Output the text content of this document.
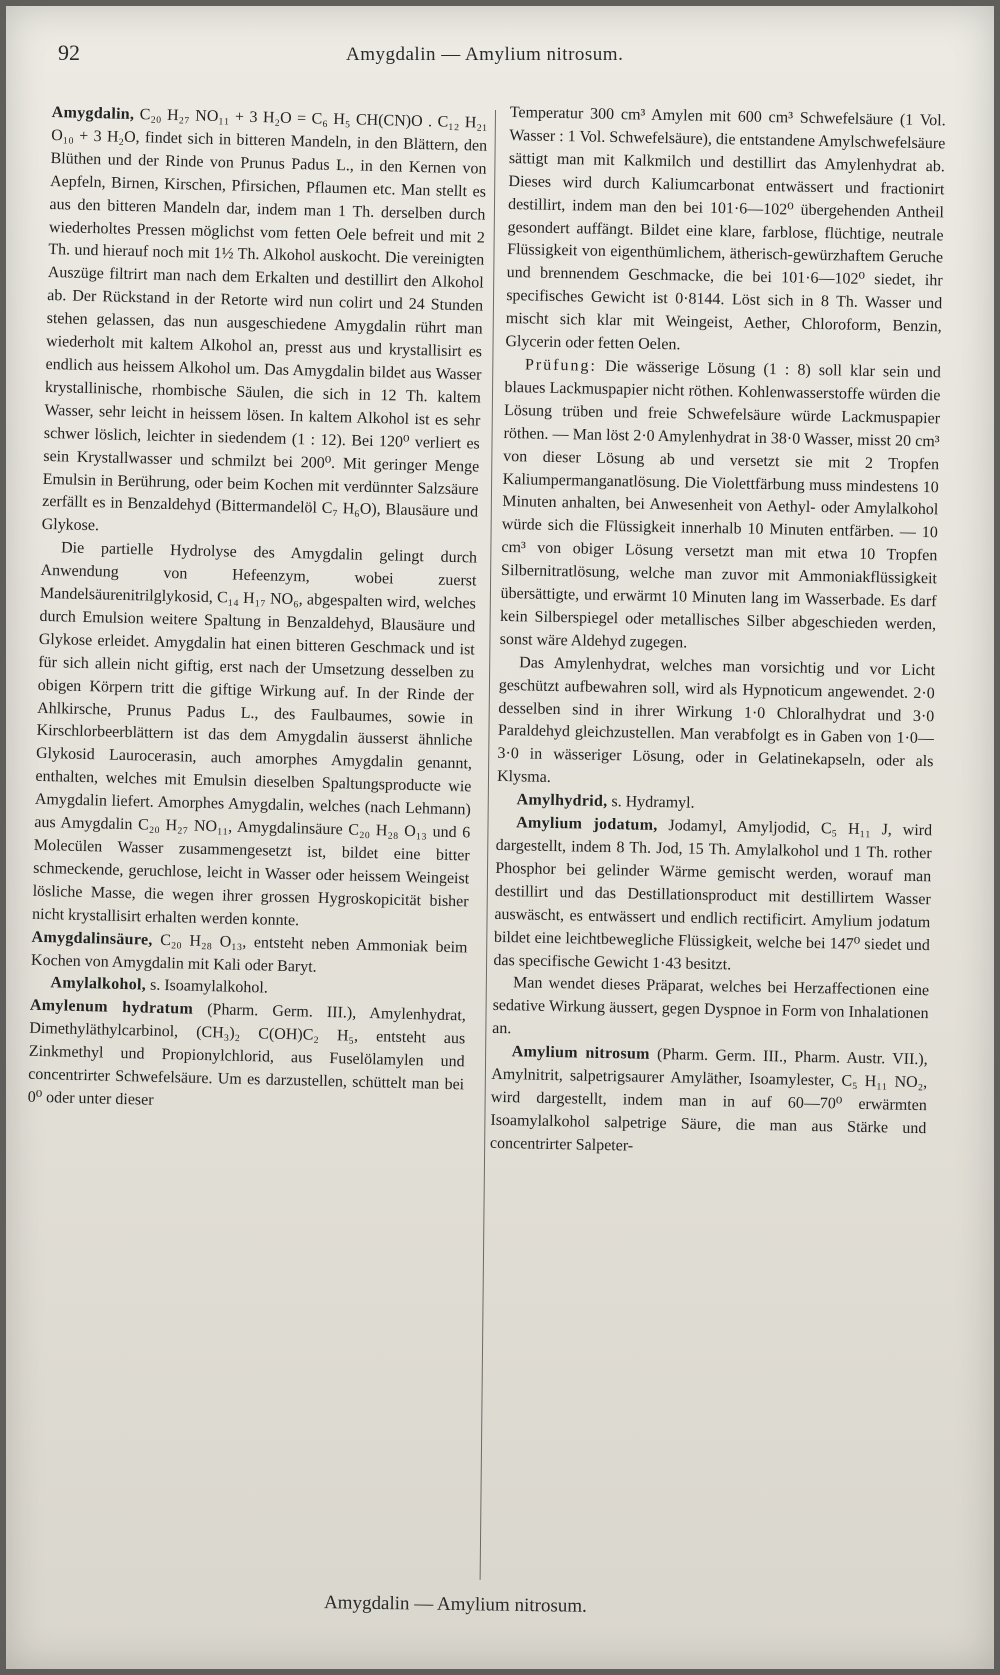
92	Amygdalin — Amylium nitrosum.

Amygdalin, C₂₀ H₂₇ NO₁₁ + 3 H₂O = C₆ H₅ CH(CN)O . C₁₂ H₂₁ O₁₀ + 3 H₂O, findet sich in bitteren Mandeln, in den Blättern, den Blüthen und der Rinde von Prunus Padus L., in den Kernen von Aepfeln, Birnen, Kirschen, Pfirsichen, Pflaumen etc. Man stellt es aus den bitteren Mandeln dar, indem man 1 Th. derselben durch wiederholtes Pressen möglichst vom fetten Oele befreit und mit 2 Th. und hierauf noch mit 1½ Th. Alkohol auskocht. Die vereinigten Auszüge filtrirt man nach dem Erkalten und destillirt den Alkohol ab. Der Rückstand in der Retorte wird nun colirt und 24 Stunden stehen gelassen, das nun ausgeschiedene Amygdalin rührt man wiederholt mit kaltem Alkohol an, presst aus und krystallisirt es endlich aus heissem Alkohol um. Das Amygdalin bildet aus Wasser krystallinische, rhombische Säulen, die sich in 12 Th. kaltem Wasser, sehr leicht in heissem lösen. In kaltem Alkohol ist es sehr schwer löslich, leichter in siedendem (1 : 12). Bei 120⁰ verliert es sein Krystallwasser und schmilzt bei 200⁰. Mit geringer Menge Emulsin in Berührung, oder beim Kochen mit verdünnter Salzsäure zerfällt es in Benzaldehyd (Bittermandelöl C₇ H₆O), Blausäure und Glykose.

Die partielle Hydrolyse des Amygdalin gelingt durch Anwendung von Hefeenzym, wobei zuerst Mandelsäurenitrilglykosid, C₁₄ H₁₇ NO₆, abgespalten wird, welches durch Emulsion weitere Spaltung in Benzaldehyd, Blausäure und Glykose erleidet. Amygdalin hat einen bitteren Geschmack und ist für sich allein nicht giftig, erst nach der Umsetzung desselben zu obigen Körpern tritt die giftige Wirkung auf. In der Rinde der Ahlkirsche, Prunus Padus L., des Faulbaumes, sowie in Kirschlorbeerblättern ist das dem Amygdalin äusserst ähnliche Glykosid Laurocerasin, auch amorphes Amygdalin genannt, enthalten, welches mit Emulsin dieselben Spaltungsproducte wie Amygdalin liefert. Amorphes Amygdalin, welches (nach Lehmann) aus Amygdalin C₂₀ H₂₇ NO₁₁, Amygdalinsäure C₂₀ H₂₈ O₁₃ und 6 Molecülen Wasser zusammengesetzt ist, bildet eine bitter schmeckende, geruchlose, leicht in Wasser oder heissem Weingeist lösliche Masse, die wegen ihrer grossen Hygroskopicität bisher nicht krystallisirt erhalten werden konnte.

Amygdalinsäure, C₂₀ H₂₈ O₁₃, entsteht neben Ammoniak beim Kochen von Amygdalin mit Kali oder Baryt.

Amylalkohol, s. Isoamylalkohol.

Amylenum hydratum (Pharm. Germ. III.), Amylenhydrat, Dimethyläthylcarbinol, (CH₃)₂ C(OH)C₂ H₅, entsteht aus Zinkmethyl und Propionylchlorid, aus Fuselölamylen und concentrirter Schwefelsäure. Um es darzustellen, schüttelt man bei 0⁰ oder unter dieser

Temperatur 300 cm³ Amylen mit 600 cm³ Schwefelsäure (1 Vol. Wasser : 1 Vol. Schwefelsäure), die entstandene Amylschwefelsäure sättigt man mit Kalkmilch und destillirt das Amylenhydrat ab. Dieses wird durch Kaliumcarbonat entwässert und fractionirt destillirt, indem man den bei 101·6—102⁰ übergehenden Antheil gesondert auffängt. Bildet eine klare, farblose, flüchtige, neutrale Flüssigkeit von eigenthümlichem, ätherisch-gewürzhaftem Geruche und brennendem Geschmacke, die bei 101·6—102⁰ siedet, ihr specifisches Gewicht ist 0·8144. Löst sich in 8 Th. Wasser und mischt sich klar mit Weingeist, Aether, Chloroform, Benzin, Glycerin oder fetten Oelen.

Prüfung: Die wässerige Lösung (1 : 8) soll klar sein und blaues Lackmuspapier nicht röthen. Kohlenwasserstoffe würden die Lösung trüben und freie Schwefelsäure würde Lackmuspapier röthen. — Man löst 2·0 Amylenhydrat in 38·0 Wasser, misst 20 cm³ von dieser Lösung ab und versetzt sie mit 2 Tropfen Kaliumpermanganatlösung. Die Violettfärbung muss mindestens 10 Minuten anhalten, bei Anwesenheit von Aethyl- oder Amylalkohol würde sich die Flüssigkeit innerhalb 10 Minuten entfärben. — 10 cm³ von obiger Lösung versetzt man mit etwa 10 Tropfen Silbernitratlösung, welche man zuvor mit Ammoniakflüssigkeit übersättigte, und erwärmt 10 Minuten lang im Wasserbade. Es darf kein Silberspiegel oder metallisches Silber abgeschieden werden, sonst wäre Aldehyd zugegen.

Das Amylenhydrat, welches man vorsichtig und vor Licht geschützt aufbewahren soll, wird als Hypnoticum angewendet. 2·0 desselben sind in ihrer Wirkung 1·0 Chloralhydrat und 3·0 Paraldehyd gleichzustellen. Man verabfolgt es in Gaben von 1·0—3·0 in wässeriger Lösung, oder in Gelatinekapseln, oder als Klysma.

Amylhydrid, s. Hydramyl.

Amylium jodatum, Jodamyl, Amyljodid, C₅ H₁₁ J, wird dargestellt, indem 8 Th. Jod, 15 Th. Amylalkohol und 1 Th. rother Phosphor bei gelinder Wärme gemischt werden, worauf man destillirt und das Destillationsproduct mit destillirtem Wasser auswäscht, es entwässert und endlich rectificirt. Amylium jodatum bildet eine leichtbewegliche Flüssigkeit, welche bei 147⁰ siedet und das specifische Gewicht 1·43 besitzt.

Man wendet dieses Präparat, welches bei Herzaffectionen eine sedative Wirkung äussert, gegen Dyspnoe in Form von Inhalationen an.

Amylium nitrosum (Pharm. Germ. III., Pharm. Austr. VII.), Amylnitrit, salpetrigsaurer Amyläther, Isoamylester, C₅ H₁₁ NO₂, wird dargestellt, indem man in auf 60—70⁰ erwärmten Isoamylalkohol salpetrige Säure, die man aus Stärke und concentrirter Salpeter-

Amygdalin — Amylium nitrosum.
